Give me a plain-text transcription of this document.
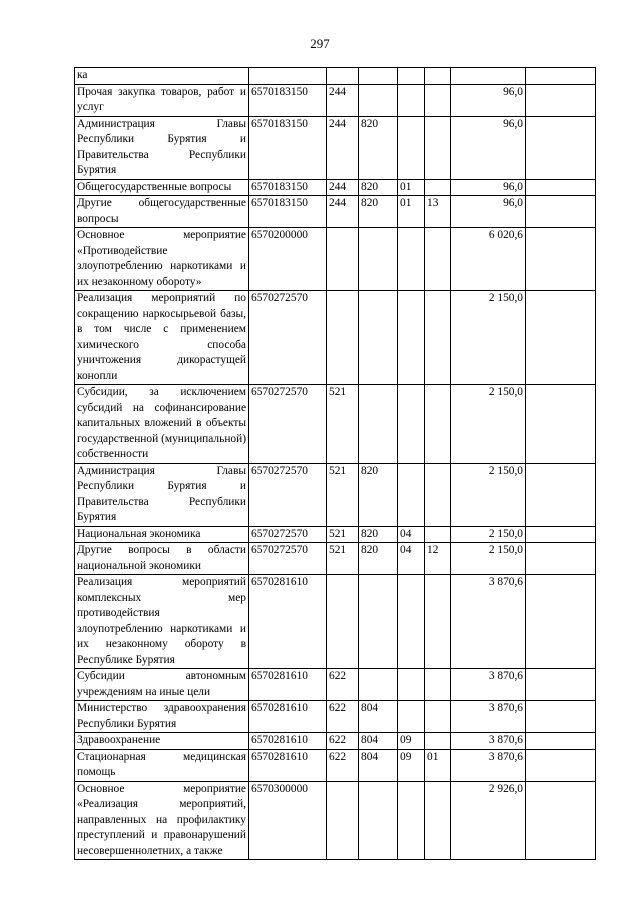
297
ка							
Прочая закупка товаров, работ и услуг	6570183150	244				96,0	
Администрация Главы Республики Бурятия и Правительства Республики Бурятия	6570183150	244	820			96,0	
Общегосударственные вопросы	6570183150	244	820	01		96,0	
Другие общегосударственные вопросы	6570183150	244	820	01	13	96,0	
Основное мероприятие «Противодействие злоупотреблению наркотиками и их незаконному обороту»	6570200000					6 020,6	
Реализация мероприятий по сокращению наркосырьевой базы, в том числе с применением химического способа уничтожения дикорастущей конопли	6570272570					2 150,0	
Субсидии, за исключением субсидий на софинансирование капитальных вложений в объекты государственной (муниципальной) собственности	6570272570	521				2 150,0	
Администрация Главы Республики Бурятия и Правительства Республики Бурятия	6570272570	521	820			2 150,0	
Национальная экономика	6570272570	521	820	04		2 150,0	
Другие вопросы в области национальной экономики	6570272570	521	820	04	12	2 150,0	
Реализация мероприятий комплексных мер противодействия злоупотреблению наркотиками и их незаконному обороту в Республике Бурятия	6570281610					3 870,6	
Субсидии автономным учреждениям на иные цели	6570281610	622				3 870,6	
Министерство здравоохранения Республики Бурятия	6570281610	622	804			3 870,6	
Здравоохранение	6570281610	622	804	09		3 870,6	
Стационарная медицинская помощь	6570281610	622	804	09	01	3 870,6	
Основное мероприятие «Реализация мероприятий, направленных на профилактику преступлений и правонарушений несовершеннолетних, а также	6570300000					2 926,0	
